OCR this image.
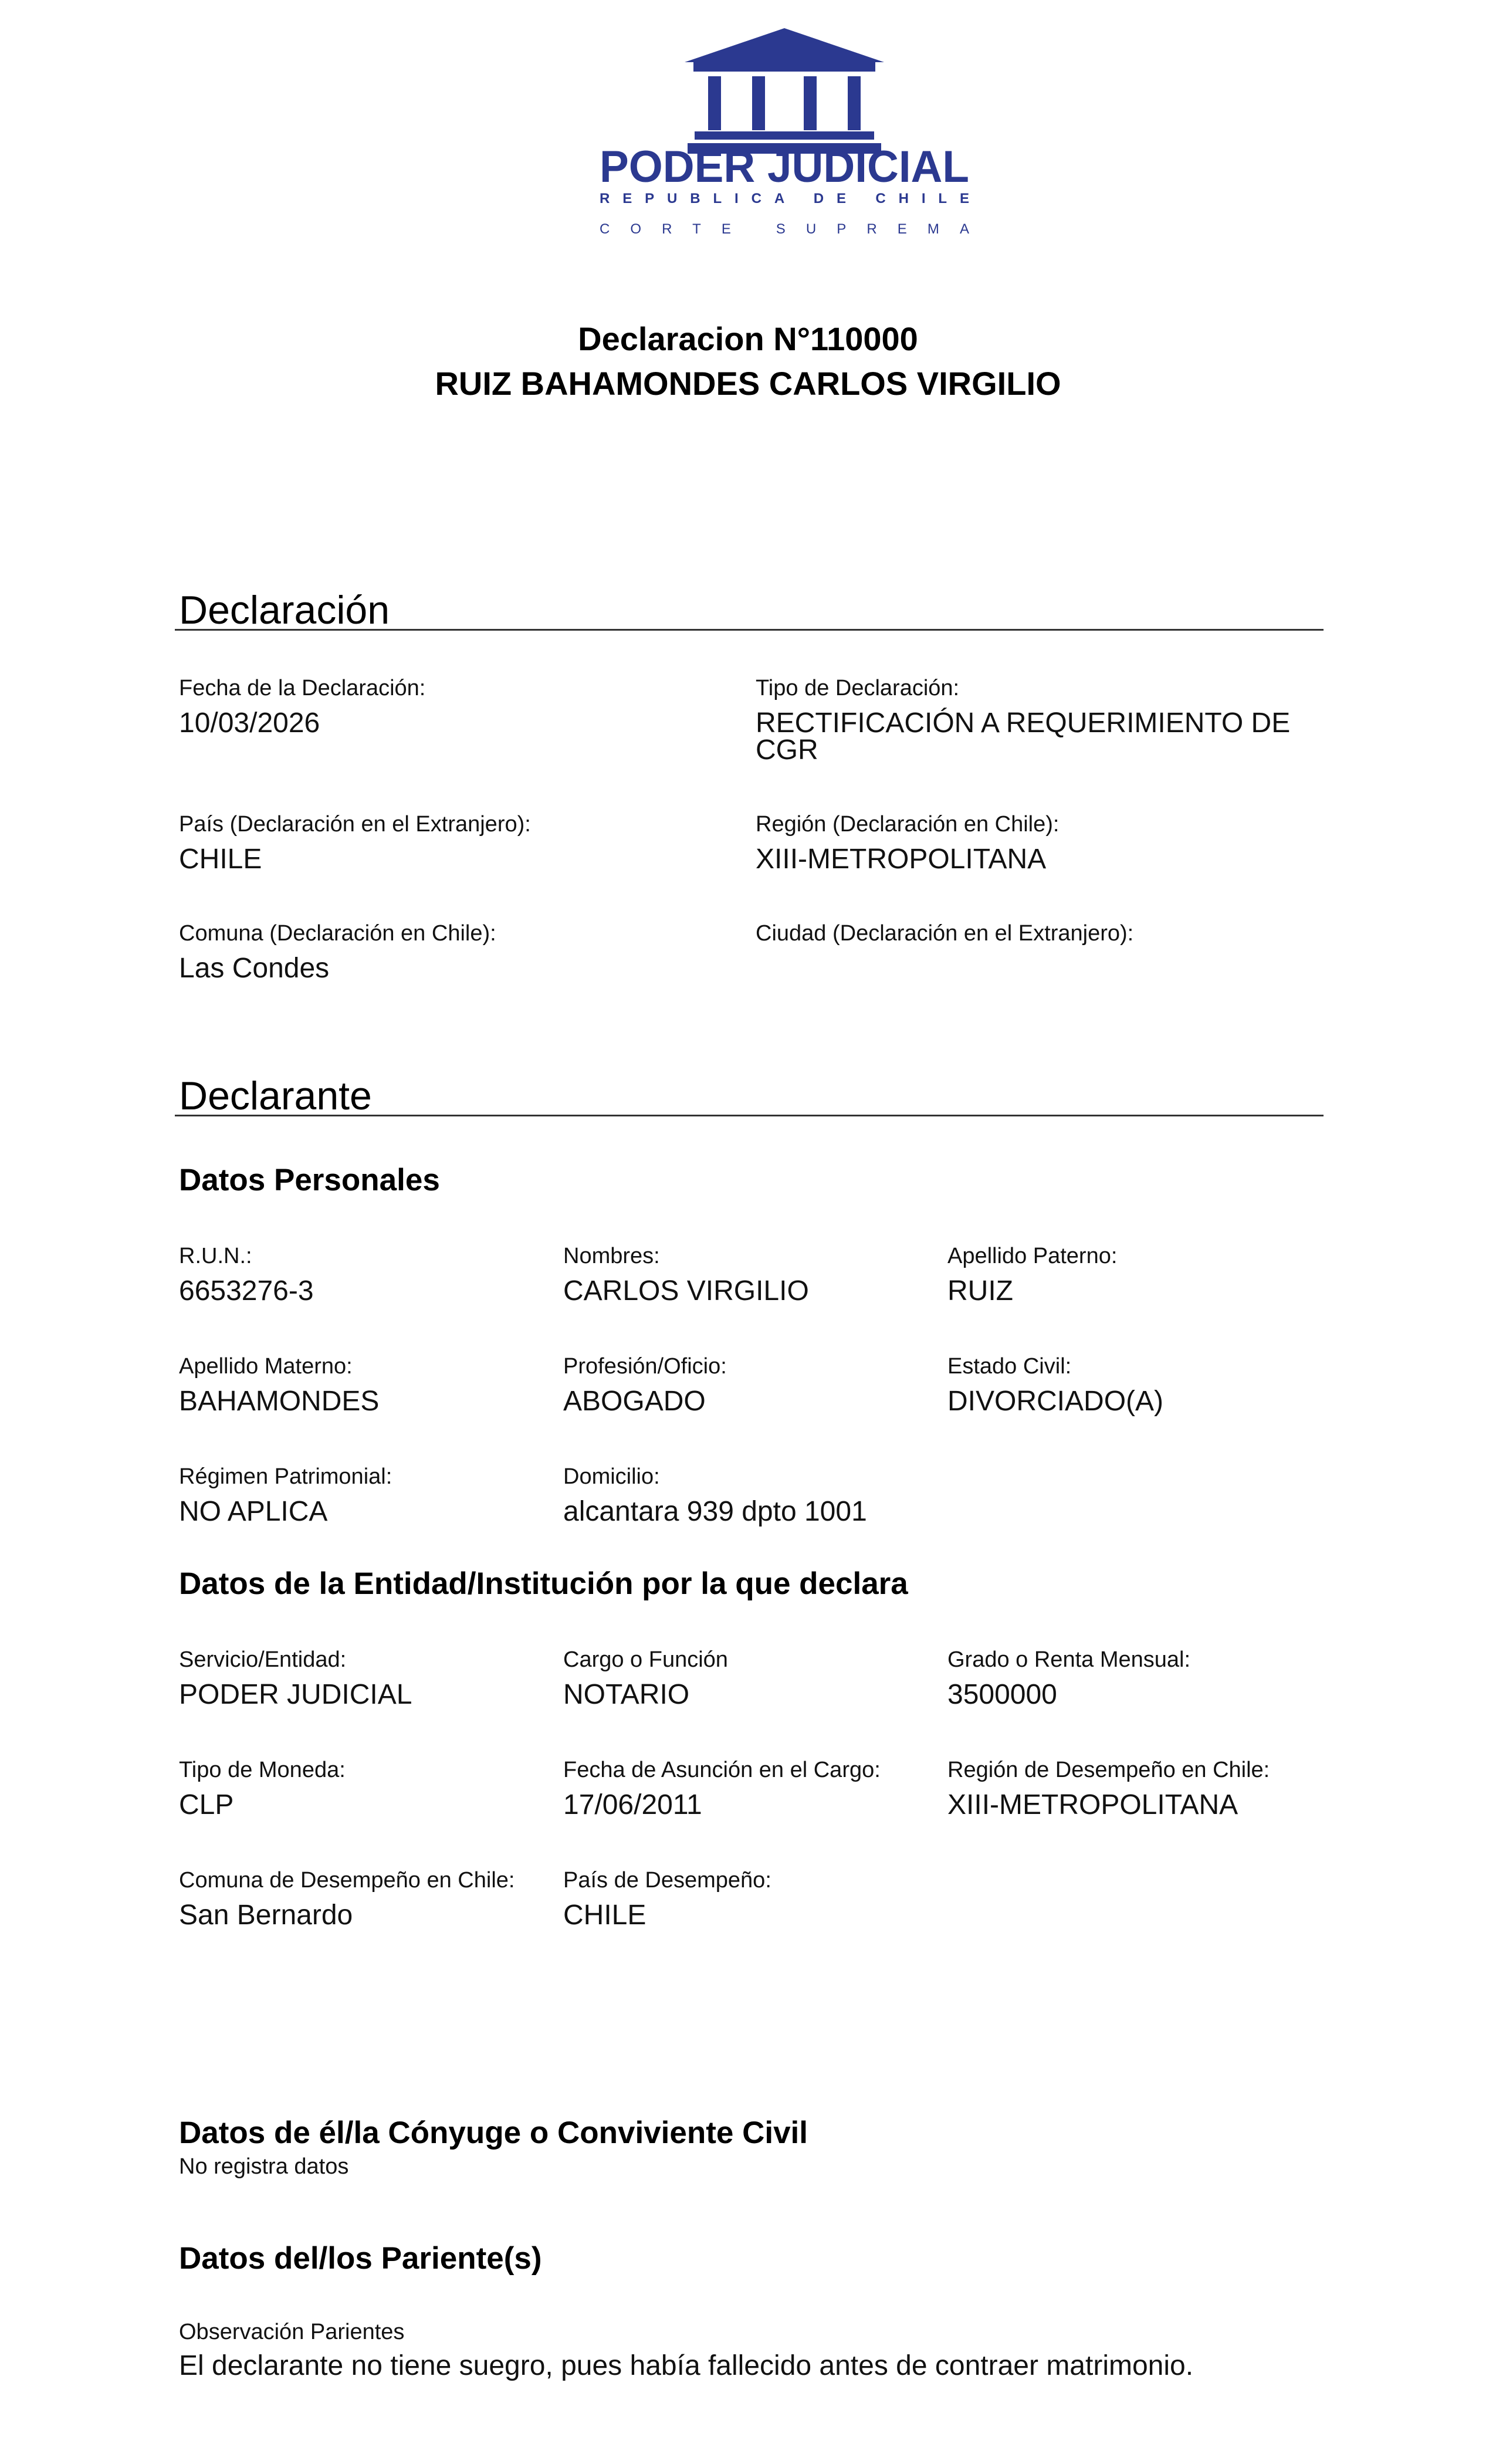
PODER JUDICIAL
REPUBLICA DE CHILE
CORTE SUPREMA
Declaracion N°110000
RUIZ BAHAMONDES CARLOS VIRGILIO
Declaración
Fecha de la Declaración:
10/03/2026
Tipo de Declaración:
RECTIFICACIÓN A REQUERIMIENTO DE
CGR
País (Declaración en el Extranjero):
CHILE
Región (Declaración en Chile):
XIII-METROPOLITANA
Comuna (Declaración en Chile):
Las Condes
Ciudad (Declaración en el Extranjero):
Declarante
Datos Personales
R.U.N.:
6653276-3
Nombres:
CARLOS VIRGILIO
Apellido Paterno:
RUIZ
Apellido Materno:
BAHAMONDES
Profesión/Oficio:
ABOGADO
Estado Civil:
DIVORCIADO(A)
Régimen Patrimonial:
NO APLICA
Domicilio:
alcantara 939 dpto 1001
Datos de la Entidad/Institución por la que declara
Servicio/Entidad:
PODER JUDICIAL
Cargo o Función
NOTARIO
Grado o Renta Mensual:
3500000
Tipo de Moneda:
CLP
Fecha de Asunción en el Cargo:
17/06/2011
Región de Desempeño en Chile:
XIII-METROPOLITANA
Comuna de Desempeño en Chile:
San Bernardo
País de Desempeño:
CHILE
Datos de él/la Cónyuge o Conviviente Civil
No registra datos
Datos del/los Pariente(s)
Observación Parientes
El declarante no tiene suegro, pues había fallecido antes de contraer matrimonio.
